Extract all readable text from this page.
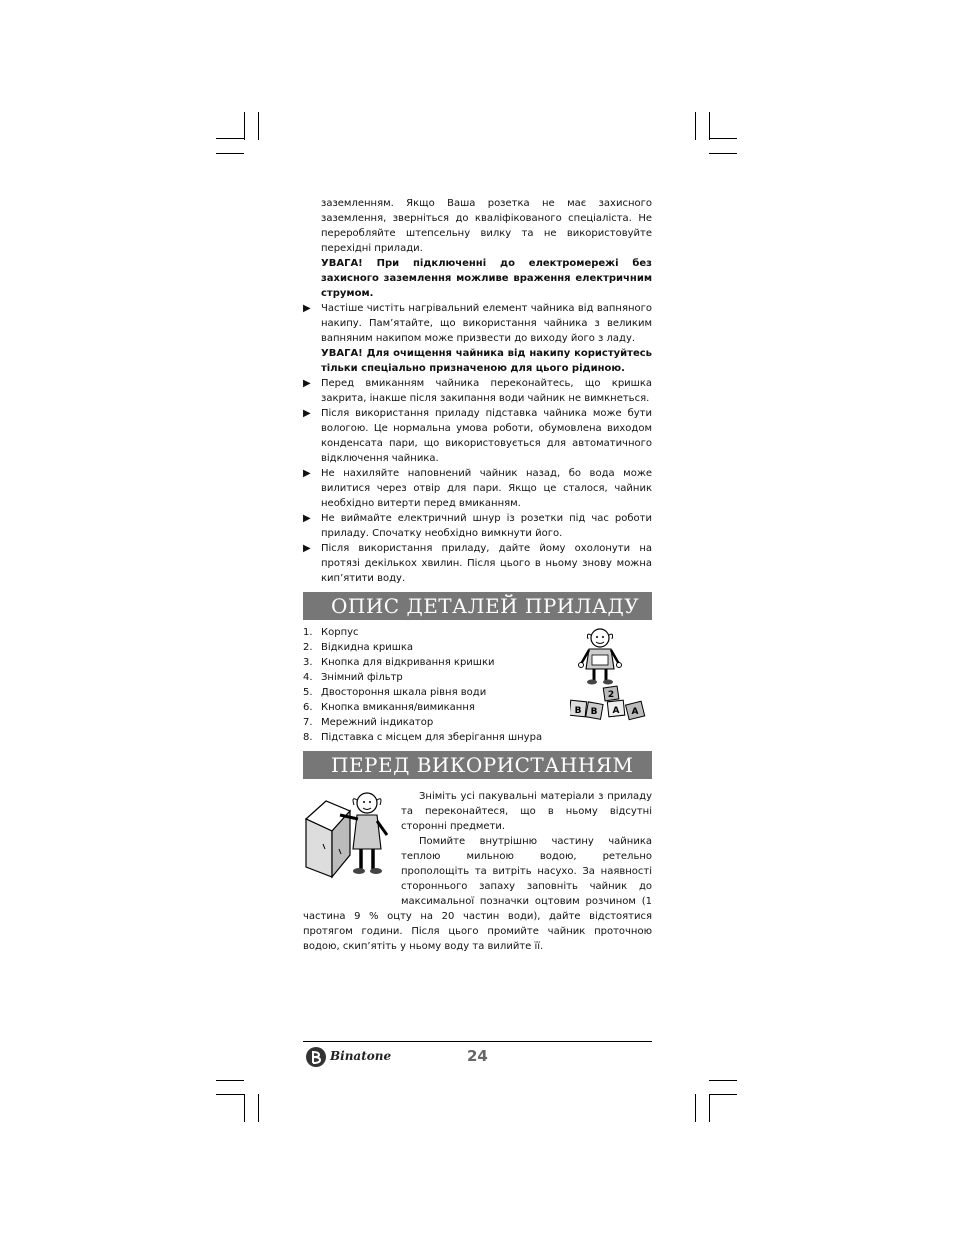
заземленням. Якщо Ваша розетка не має захисного заземлення, зверніться до кваліфікованого спеціаліста. Не переробляйте штепсельну вилку та не використовуйте перехідні прилади.
УВАГА! При підключенні до електромережі без захисного заземлення можливе враження електричним струмом.

▶ Частіше чистіть нагрівальний елемент чайника від вапняного накипу. Пам’ятайте, що використання чайника з великим вапняним накипом може призвести до виходу його з ладу.
УВАГА! Для очищення чайника від накипу користуйтесь тільки спеціально призначеною для цього рідиною.

▶ Перед вмиканням чайника переконайтесь, що кришка закрита, інакше після закипання води чайник не вимкнеться.

▶ Після використання приладу підставка чайника може бути вологою. Це нормальна умова роботи, обумовлена виходом конденсата пари, що використовується для автоматичного відключення чайника.

▶ Не нахиляйте наповнений чайник назад, бо вода може вилитися через отвір для пари. Якщо це сталося, чайник необхідно витерти перед вмиканням.

▶ Не виймайте електричний шнур із розетки під час роботи приладу. Спочатку необхідно вимкнути його.

▶ Після використання приладу, дайте йому охолонути на протязі декількох хвилин. Після цього в ньому знову можна кип’ятити воду.

ОПИС ДЕТАЛЕЙ ПРИЛАДУ
1. Корпус
2. Відкидна кришка
3. Кнопка для відкривання кришки
4. Знімний фільтр
5. Двостороння шкала рівня води
6. Кнопка вмикання/вимикання
7. Мережний індикатор
8. Підставка с місцем для зберігання шнура
2
В В А А
ПЕРЕД ВИКОРИСТАННЯМ

Зніміть усі пакувальні матеріали з приладу та переконайтеся, що в ньому відсутні сторонні предмети.

Помийте внутрішню частину чайника теплою мильною водою, ретельно прополощіть та витріть насухо. За наявності стороннього запаху заповніть чайник до максимальної позначки оцтовим розчином (1 частина 9 % оцту на 20 частин води), дайте відстоятися протягом години. Після цього промийте чайник проточною водою, скип’ятіть у ньому воду та вилийте її.

Binatone	24
